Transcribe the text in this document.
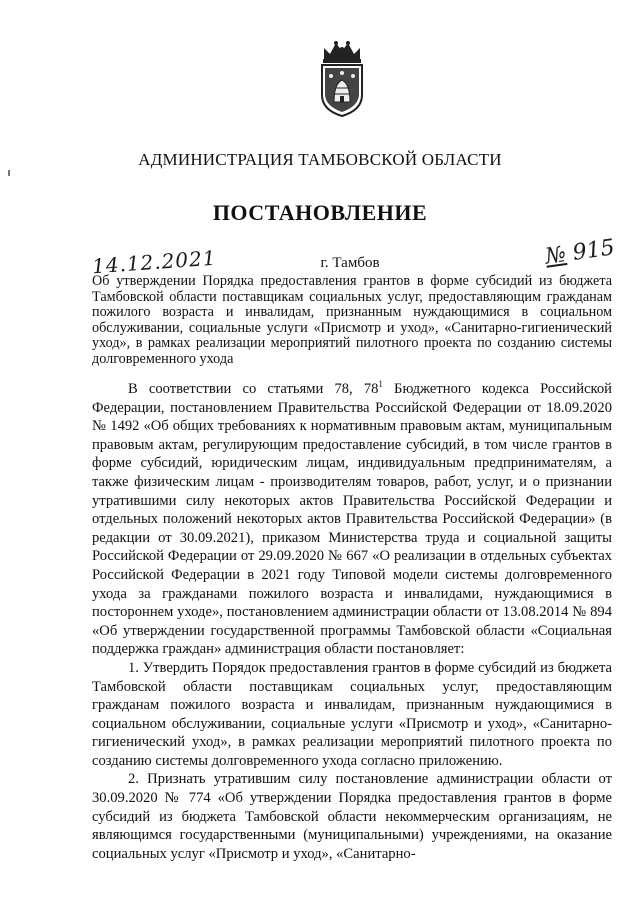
АДМИНИСТРАЦИЯ ТАМБОВСКОЙ ОБЛАСТИ
ПОСТАНОВЛЕНИЕ
14.12.2021	г. Тамбов	№ 915
Об утверждении Порядка предоставления грантов в форме субсидий из бюджета Тамбовской области поставщикам социальных услуг, предоставляющим гражданам пожилого возраста и инвалидам, признанным нуждающимися в социальном обслуживании, социальные услуги «Присмотр и уход», «Санитарно-гигиенический уход», в рамках реализации мероприятий пилотного проекта по созданию системы долговременного ухода

В соответствии со статьями 78, $78^1$ Бюджетного кодекса Российской Федерации, постановлением Правительства Российской Федерации от 18.09.2020 № 1492 «Об общих требованиях к нормативным правовым актам, муниципальным правовым актам, регулирующим предоставление субсидий, в том числе грантов в форме субсидий, юридическим лицам, индивидуальным предпринимателям, а также физическим лицам - производителям товаров, работ, услуг, и о признании утратившими силу некоторых актов Правительства Российской Федерации и отдельных положений некоторых актов Правительства Российской Федерации» (в редакции от 30.09.2021), приказом Министерства труда и социальной защиты Российской Федерации от 29.09.2020 № 667 «О реализации в отдельных субъектах Российской Федерации в 2021 году Типовой модели системы долговременного ухода за гражданами пожилого возраста и инвалидами, нуждающимися в постороннем уходе», постановлением администрации области от 13.08.2014 № 894 «Об утверждении государственной программы Тамбовской области «Социальная поддержка граждан» администрация области постановляет:

1. Утвердить Порядок предоставления грантов в форме субсидий из бюджета Тамбовской области поставщикам социальных услуг, предоставляющим гражданам пожилого возраста и инвалидам, признанным нуждающимися в социальном обслуживании, социальные услуги «Присмотр и уход», «Санитарно-гигиенический уход», в рамках реализации мероприятий пилотного проекта по созданию системы долговременного ухода согласно приложению.

2. Признать утратившим силу постановление администрации области от 30.09.2020 № 774 «Об утверждении Порядка предоставления грантов в форме субсидий из бюджета Тамбовской области некоммерческим организациям, не являющимся государственными (муниципальными) учреждениями, на оказание социальных услуг «Присмотр и уход», «Санитарно-
